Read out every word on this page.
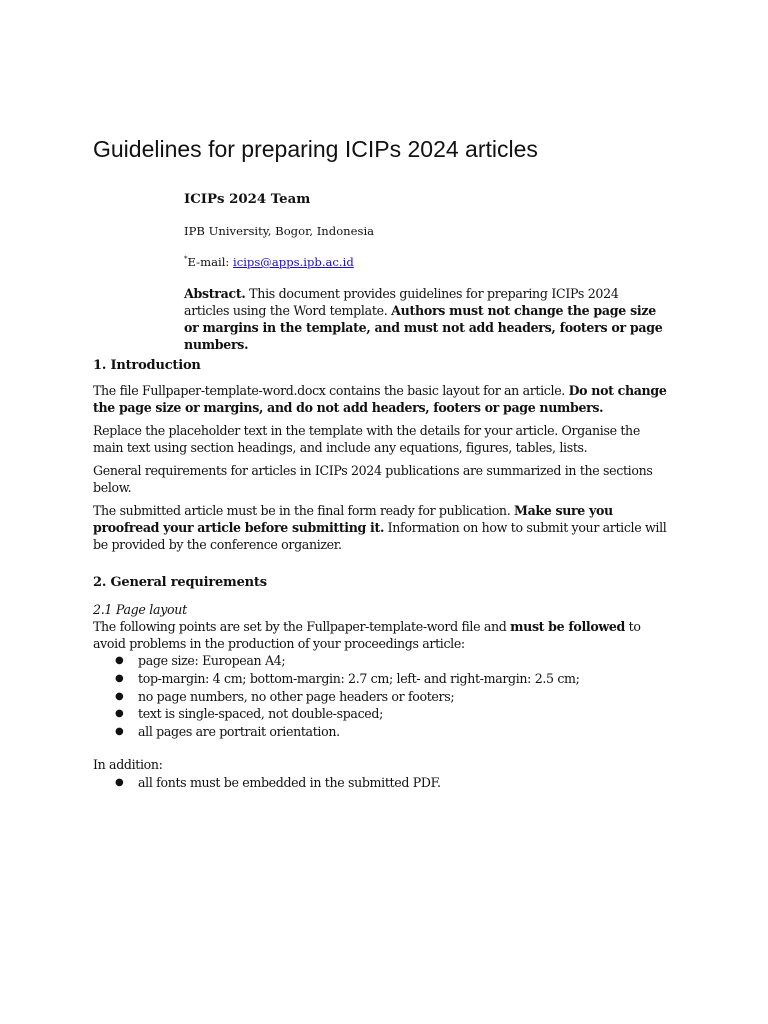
Guidelines for preparing ICIPs 2024 articles
ICIPs 2024 Team
IPB University, Bogor, Indonesia
*E-mail: icips@apps.ipb.ac.id
Abstract. This document provides guidelines for preparing ICIPs 2024 articles using the Word template. Authors must not change the page size or margins in the template, and must not add headers, footers or page numbers.
1. Introduction
The file Fullpaper-template-word.docx contains the basic layout for an article. Do not change the page size or margins, and do not add headers, footers or page numbers.

Replace the placeholder text in the template with the details for your article. Organise the main text using section headings, and include any equations, figures, tables, lists.

General requirements for articles in ICIPs 2024 publications are summarized in the sections below.

The submitted article must be in the final form ready for publication. Make sure you proofread your article before submitting it. Information on how to submit your article will be provided by the conference organizer.
2. General requirements
2.1 Page layout
The following points are set by the Fullpaper-template-word file and must be followed to avoid problems in the production of your proceedings article:
● page size: European A4;
● top-margin: 4 cm; bottom-margin: 2.7 cm; left- and right-margin: 2.5 cm;
● no page numbers, no other page headers or footers;
● text is single-spaced, not double-spaced;
● all pages are portrait orientation.
In addition:
● all fonts must be embedded in the submitted PDF.
